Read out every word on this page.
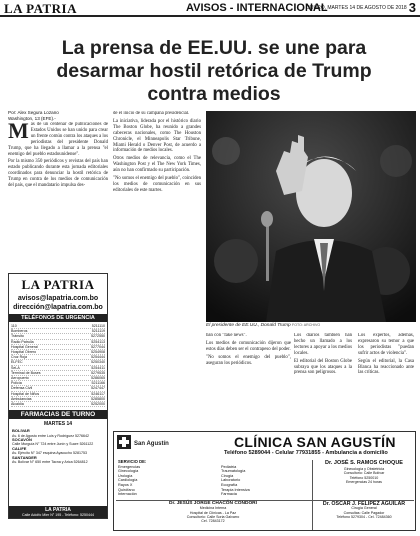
LA PATRIA	AVISOS - INTERNACIONAL
ORURO, MARTES 14 DE AGOSTO DE 2018 3
La prensa de EE.UU. se une para desarmar hostil retórica de Trump contra medios
Por: Alex Segura Lozano
Washington, 13 (EFE).-
M ás de un centenar de publicaciones de Estados Unidos se han unido para crear un frente común contra los ataques a los periodistas del presidente Donald Trump, que ha llegado a llamar a la prensa "el enemigo del pueblo estadounidense".

Por la mismo 350 periódicos y revistas del país han estado publicando durante esta jornada editoriales coordinados para denunciar la hostil retórica de Trump en contra de los medios de comunicación del país, que el mandatario impulsa des-

de el inicio de su campaña presidencial.

La iniciativa, liderada por el histórico diario The Boston Globe, ha reunido a grandes cabeceras nacionales, como The Houston Chronicle, el Minneapolis Star Tribune, Miami Herald o Denver Post, de acuerdo a información de medios locales.

Otros medios de relevancia, como el The Washington Post y el The New York Times, aún no han confirmado su participación.

"No somos el enemigo del pueblo", coinciden los medios de comunicación en sus editoriales de este martes.

El presidente de EE.UU., Donald Trump FOTO: ARCHIVO

ban con "fake news".

Los medios de comunicación dijeron que estos días deben ser el contrapeso del poder.

"No somos el enemigo del pueblo", aseguran los periódicos.

Los diarios también han hecho un llamado a los lectores a apoyar a los medios locales.

El editorial del Boston Globe subraya que los ataques a la prensa son peligrosos.

Los expertos, además, expresaron su temor a que los periodistas "puedan sufrir actos de violencia".

Según el editorial, la Casa Blanca ha reaccionado ante las críticas.

LA PATRIA
avisos@lapatria.com.bo
dirección@lapatria.com.bo
TELÉFONOS DE URGENCIA
110	5211110
Bomberos	5211119
Tránsito	5272550
Radio Patrulla	5254113
Hospital General	5277044
Hospital Obrero	5254908
Cruz Roja	5254444
ELFEC	5250340
SeLA	5254411
Terminal de Buses	5279535
Aeropuerto	5286065
Policía	5211166
Defensa Civil	5247447
Hospital de Niños	5246117
Ambulancias	5285800
Alcaldía	5252000
FARMACIAS DE TURNO
MARTES 14
BOLIVAR
Av. 6 de Agosto entre Luis y Rodríguez 5276642
SOCAVÓN
Calle Murguía N° 724 entre Junín y Sucre 5261122
CALIFE
Av. Ejército N° 347 esquina Ayacucho 5281753
SANTANDER
Av. Bolívar N° 650 entre Tacna y Arica 5264812
LA PATRIA
Calle Adolfo Mier N° 195 - Teléfono: 5250444
San Agustín	CLÍNICA SAN AGUSTÍN
Teléfono 5289044 - Celular 77931855 - Ambulancia a domicilio
SERVICIO DE:
Emergencias	Pediatría
Ginecología	Traumatología
Urología	Cirugía
Cardiología	Laboratorio
Rayos X	Ecografía
Quirófano	Terapia Intensiva
Internación	Farmacia
Dr. JOSÉ S. RAMOS CHOQUE
Ginecología y Obstetricia
Consultorio: Calle Bolívar
Teléfono 5250010
Emergencias 24 horas
Dr. JESÚS JORGE CHACÓN CONDORI
Medicina Interna
Hospital de Clínicas - La Paz
Consultorio: Calle Soria Galvarro
Cel. 72843172
Dr. OSCAR J. FELIPEZ AGUILAR
Cirugía General
Consultas: Calle Pagador
Teléfono 5279304 - Cel. 72484360
